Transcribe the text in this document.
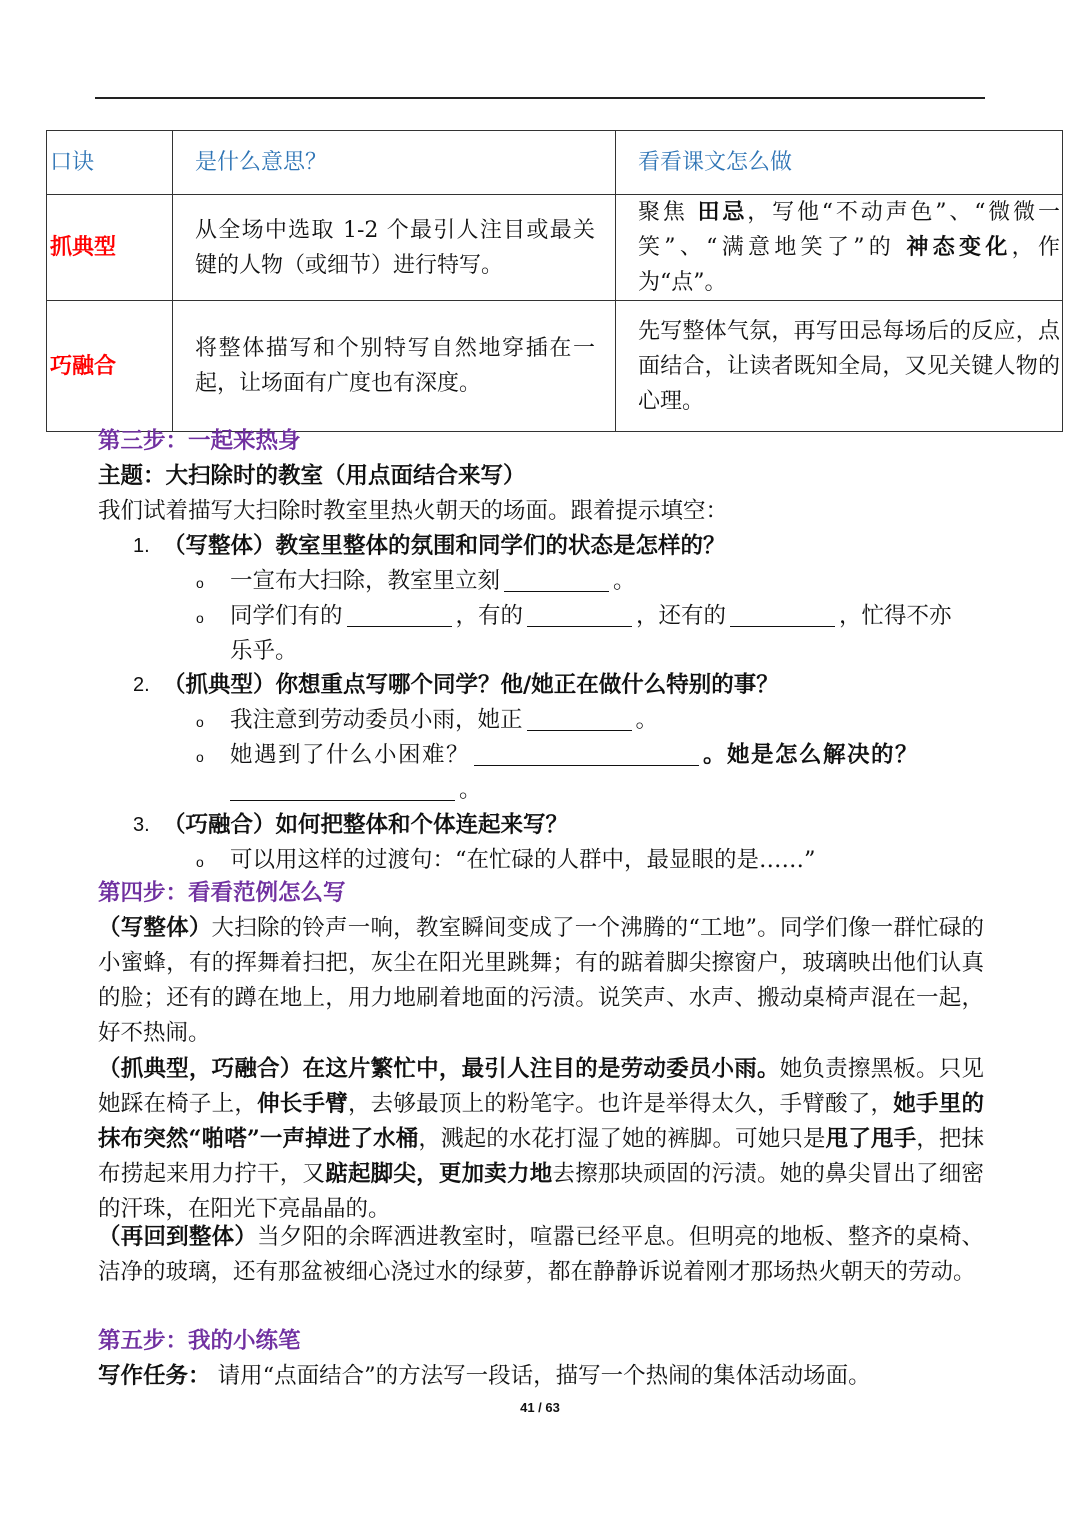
口诀	是什么意思？	看看课文怎么做
抓典型	从全场中选取 1-2 个最引人注目或最关键的人物（或细节）进行特写。	聚焦 田忌，写他“不动声色”、“微微一笑”、“满意地笑了”的 神态变化，作为“点”。
巧融合	将整体描写和个别特写自然地穿插在一起，让场面有广度也有深度。	先写整体气氛，再写田忌每场后的反应，点面结合，让读者既知全局，又见关键人物的心理。
第三步：一起来热身
主题：大扫除时的教室（用点面结合来写）
我们试着描写大扫除时教室里热火朝天的场面。跟着提示填空：
1. （写整体）教室里整体的氛围和同学们的状态是怎样的？
o 一宣布大扫除，教室里立刻	。
o 同学们有的	，有的	，还有的	，忙得不亦
乐乎。
2. （抓典型）你想重点写哪个同学？他/她正在做什么特别的事？
o 我注意到劳动委员小雨，她正	。
o 她遇到了什么小困难？	。她是怎么解决的？
。
3. （巧融合）如何把整体和个体连起来写？
o 可以用这样的过渡句：“在忙碌的人群中，最显眼的是……”
第四步：看看范例怎么写
（写整体）大扫除的铃声一响，教室瞬间变成了一个沸腾的“工地”。同学们像一群忙碌的小蜜蜂，有的挥舞着扫把，灰尘在阳光里跳舞；有的踮着脚尖擦窗户，玻璃映出他们认真的脸；还有的蹲在地上，用力地刷着地面的污渍。说笑声、水声、搬动桌椅声混在一起，好不热闹。
（抓典型，巧融合）在这片繁忙中，最引人注目的是劳动委员小雨。她负责擦黑板。只见她踩在椅子上，伸长手臂，去够最顶上的粉笔字。也许是举得太久，手臂酸了，她手里的抹布突然“啪嗒”一声掉进了水桶，溅起的水花打湿了她的裤脚。可她只是甩了甩手，把抹布捞起来用力拧干，又踮起脚尖，更加卖力地去擦那块顽固的污渍。她的鼻尖冒出了细密的汗珠，在阳光下亮晶晶的。
（再回到整体）当夕阳的余晖洒进教室时，喧嚣已经平息。但明亮的地板、整齐的桌椅、洁净的玻璃，还有那盆被细心浇过水的绿萝，都在静静诉说着刚才那场热火朝天的劳动。
第五步：我的小练笔
写作任务： 请用“点面结合”的方法写一段话，描写一个热闹的集体活动场面。
41 / 63
